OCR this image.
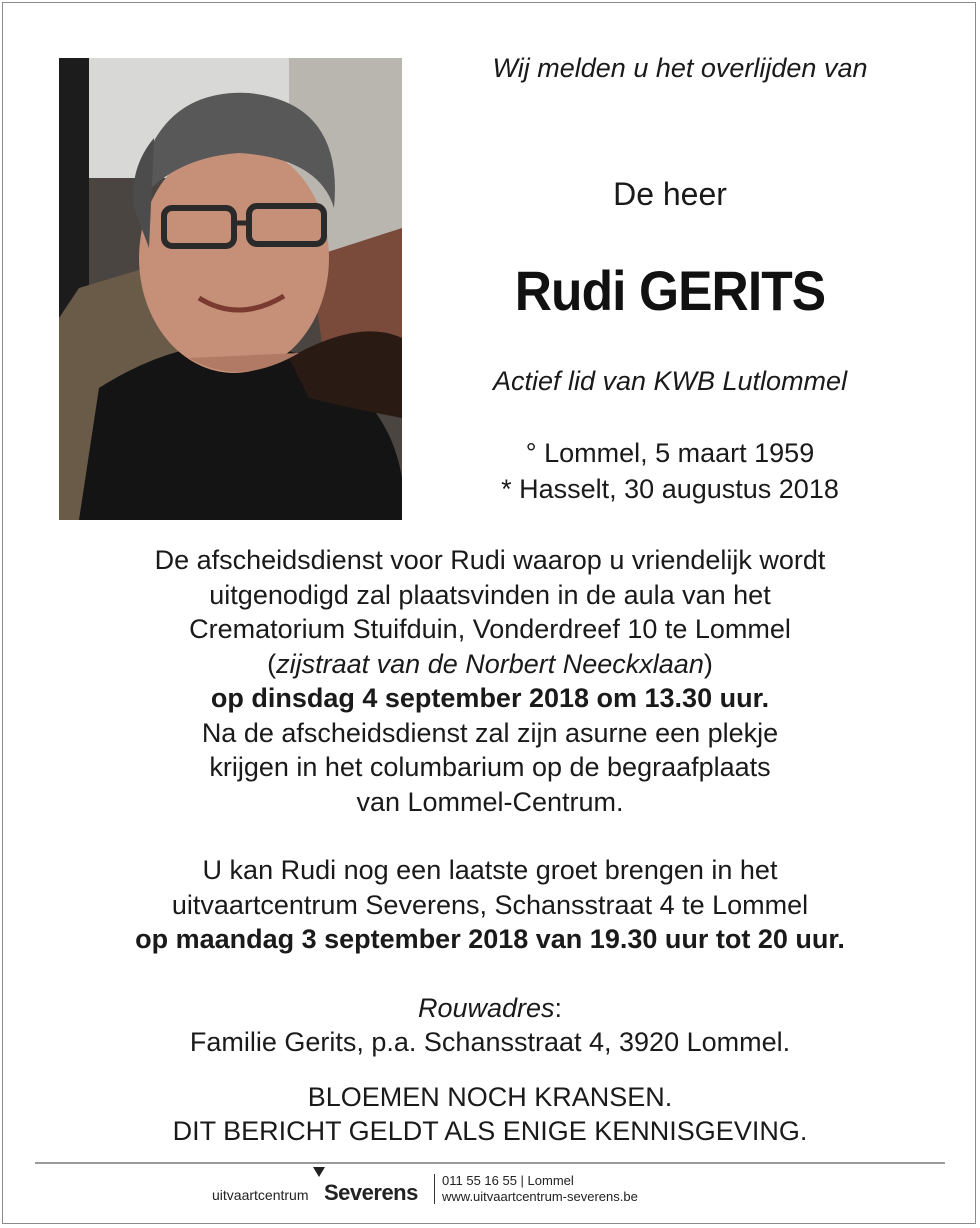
Wij melden u het overlijden van
De heer
Rudi GERITS
Actief lid van KWB Lutlommel
° Lommel, 5 maart 1959
* Hasselt, 30 augustus 2018
De afscheidsdienst voor Rudi waarop u vriendelijk wordt
uitgenodigd zal plaatsvinden in de aula van het
Crematorium Stuifduin, Vonderdreef 10 te Lommel
(zijstraat van de Norbert Neeckxlaan)
op dinsdag 4 september 2018 om 13.30 uur.
Na de afscheidsdienst zal zijn asurne een plekje
krijgen in het columbarium op de begraafplaats
van Lommel-Centrum.
U kan Rudi nog een laatste groet brengen in het
uitvaartcentrum Severens, Schansstraat 4 te Lommel
op maandag 3 september 2018 van 19.30 uur tot 20 uur.
Rouwadres:
Familie Gerits, p.a. Schansstraat 4, 3920 Lommel.
BLOEMEN NOCH KRANSEN.
DIT BERICHT GELDT ALS ENIGE KENNISGEVING.
uitvaartcentrum Severens 011 55 16 55 | Lommel
www.uitvaartcentrum-severens.be
